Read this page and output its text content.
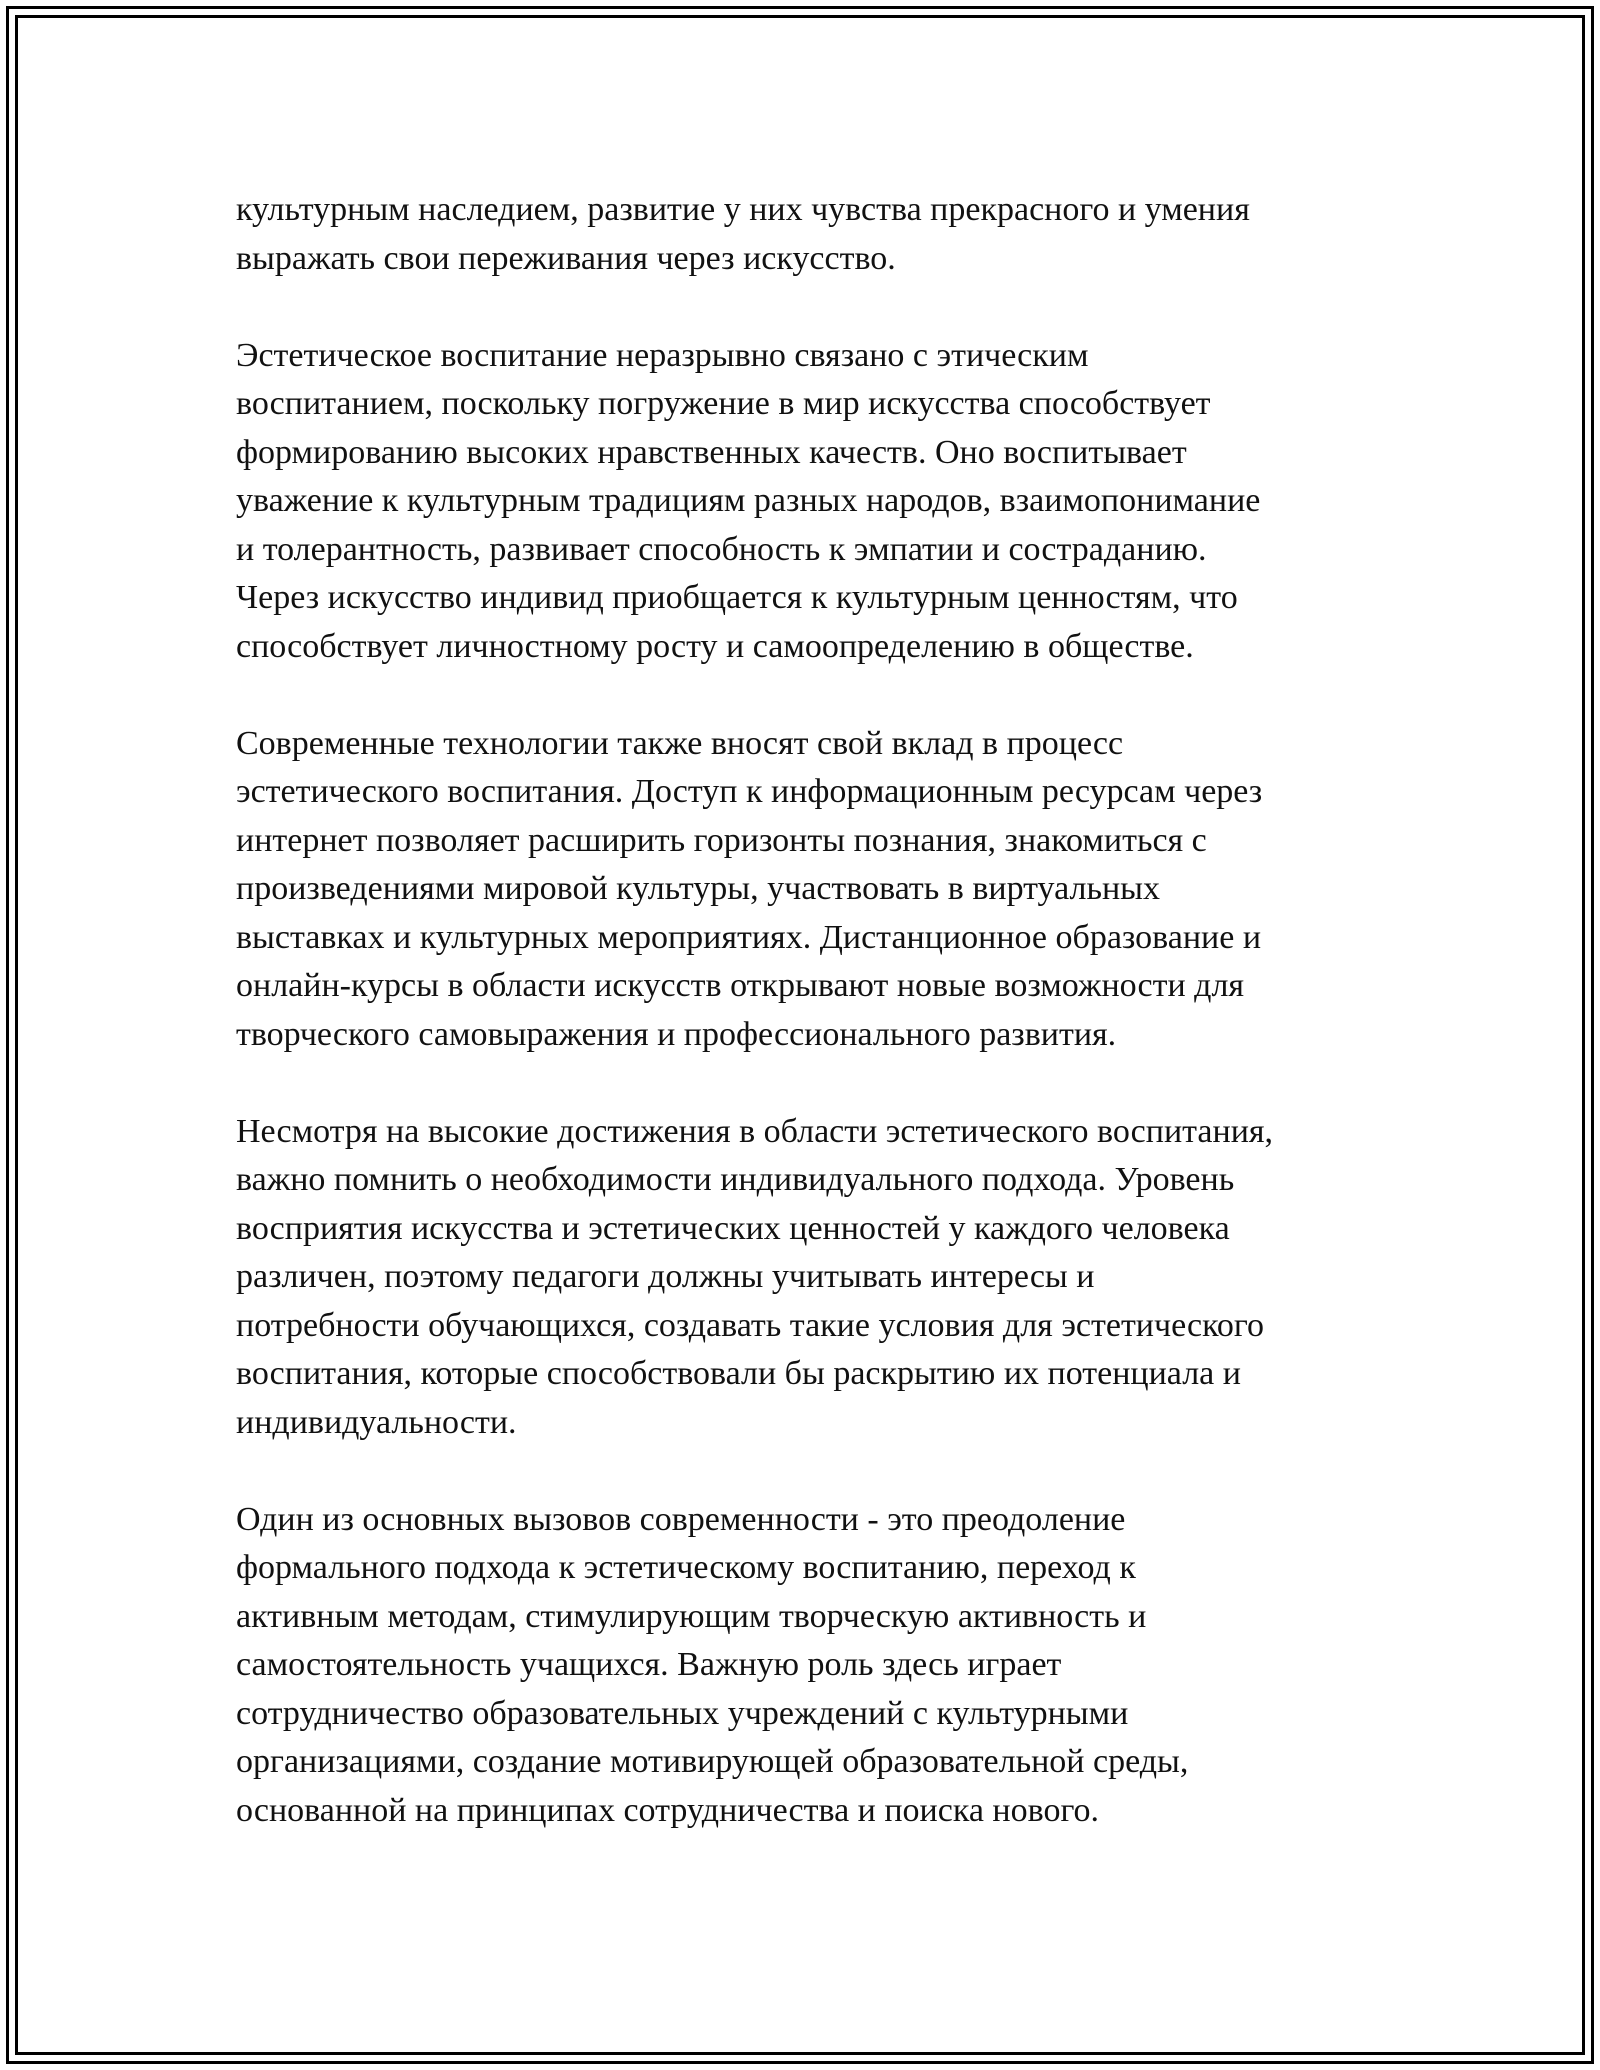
культурным наследием, развитие у них чувства прекрасного и умения
выражать свои переживания через искусство.
Эстетическое воспитание неразрывно связано с этическим
воспитанием, поскольку погружение в мир искусства способствует
формированию высоких нравственных качеств. Оно воспитывает
уважение к культурным традициям разных народов, взаимопонимание
и толерантность, развивает способность к эмпатии и состраданию.
Через искусство индивид приобщается к культурным ценностям, что
способствует личностному росту и самоопределению в обществе.
Современные технологии также вносят свой вклад в процесс
эстетического воспитания. Доступ к информационным ресурсам через
интернет позволяет расширить горизонты познания, знакомиться с
произведениями мировой культуры, участвовать в виртуальных
выставках и культурных мероприятиях. Дистанционное образование и
онлайн-курсы в области искусств открывают новые возможности для
творческого самовыражения и профессионального развития.
Несмотря на высокие достижения в области эстетического воспитания,
важно помнить о необходимости индивидуального подхода. Уровень
восприятия искусства и эстетических ценностей у каждого человека
различен, поэтому педагоги должны учитывать интересы и
потребности обучающихся, создавать такие условия для эстетического
воспитания, которые способствовали бы раскрытию их потенциала и
индивидуальности.
Один из основных вызовов современности - это преодоление
формального подхода к эстетическому воспитанию, переход к
активным методам, стимулирующим творческую активность и
самостоятельность учащихся. Важную роль здесь играет
сотрудничество образовательных учреждений с культурными
организациями, создание мотивирующей образовательной среды,
основанной на принципах сотрудничества и поиска нового.
